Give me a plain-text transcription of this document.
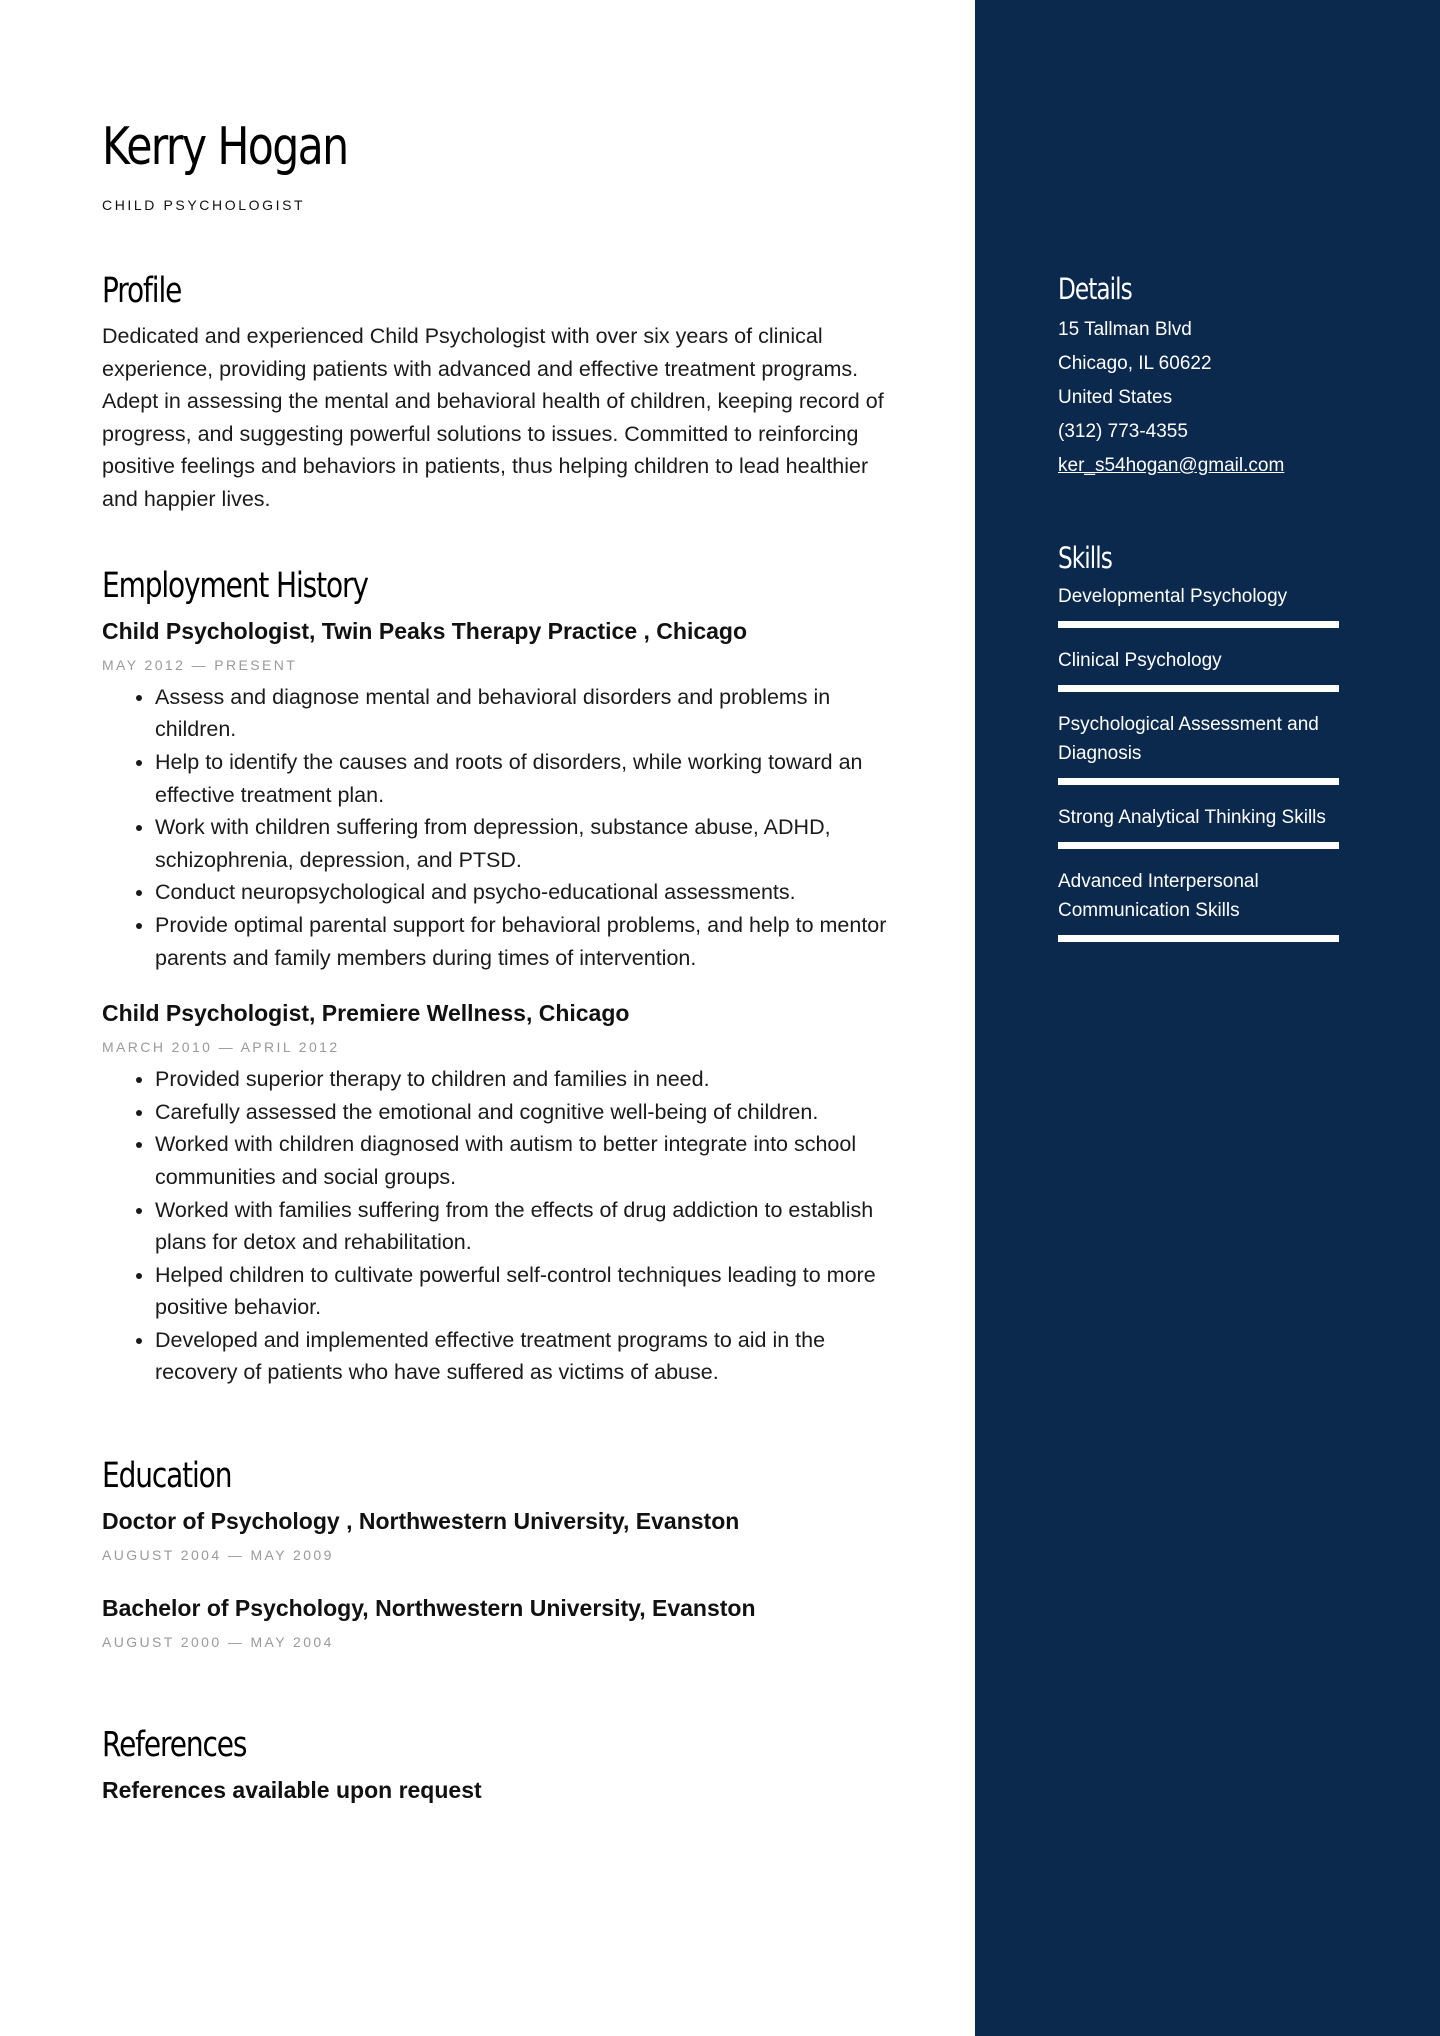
Kerry Hogan
CHILD PSYCHOLOGIST
Profile

Dedicated and experienced Child Psychologist with over six years of clinical experience, providing patients with advanced and effective treatment programs. Adept in assessing the mental and behavioral health of children, keeping record of progress, and suggesting powerful solutions to issues. Committed to reinforcing positive feelings and behaviors in patients, thus helping children to lead healthier and happier lives.

Employment History
Child Psychologist, Twin Peaks Therapy Practice , Chicago
MAY 2012 — PRESENT
• Assess and diagnose mental and behavioral disorders and problems in children.
• Help to identify the causes and roots of disorders, while working toward an effective treatment plan.
• Work with children suffering from depression, substance abuse, ADHD, schizophrenia, depression, and PTSD.
• Conduct neuropsychological and psycho-educational assessments.
• Provide optimal parental support for behavioral problems, and help to mentor parents and family members during times of intervention.
Child Psychologist, Premiere Wellness, Chicago
MARCH 2010 — APRIL 2012
• Provided superior therapy to children and families in need.
• Carefully assessed the emotional and cognitive well-being of children.
• Worked with children diagnosed with autism to better integrate into school communities and social groups.
• Worked with families suffering from the effects of drug addiction to establish plans for detox and rehabilitation.
• Helped children to cultivate powerful self-control techniques leading to more positive behavior.
• Developed and implemented effective treatment programs to aid in the recovery of patients who have suffered as victims of abuse.
Education
Doctor of Psychology , Northwestern University, Evanston
AUGUST 2004 — MAY 2009
Bachelor of Psychology, Northwestern University, Evanston
AUGUST 2000 — MAY 2004
References
References available upon request
Details

15 Tallman Blvd

Chicago, IL 60622

United States

(312) 773-4355

ker_s54hogan@gmail.com

Skills

Developmental Psychology

Clinical Psychology

Psychological Assessment and Diagnosis

Strong Analytical Thinking Skills

Advanced Interpersonal Communication Skills
